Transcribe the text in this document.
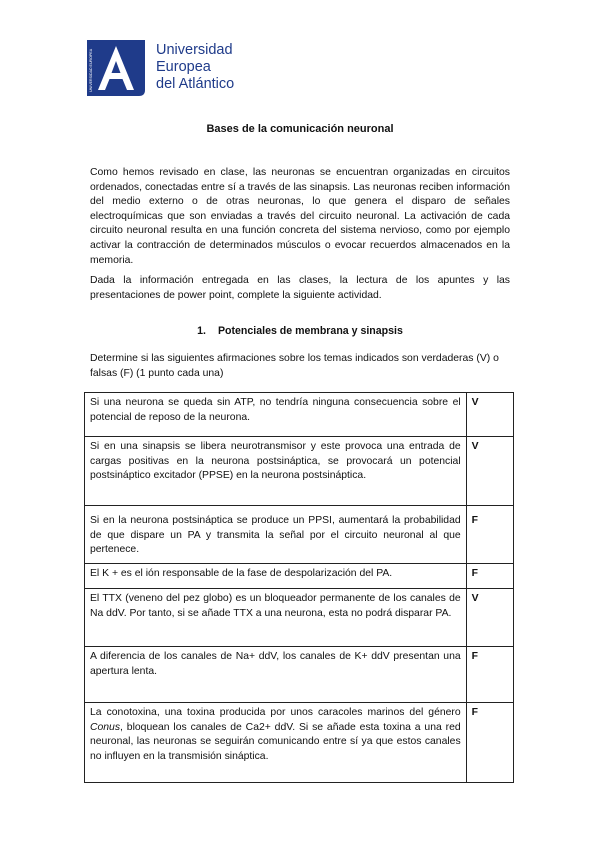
UNIVERSIDAD EUROPEA	Universidad
Europea
del Atlántico
Bases de la comunicación neuronal
Como hemos revisado en clase, las neuronas se encuentran organizadas en circuitos ordenados, conectadas entre sí a través de las sinapsis. Las neuronas reciben información del medio externo o de otras neuronas, lo que genera el disparo de señales electroquímicas que son enviadas a través del circuito neuronal. La activación de cada circuito neuronal resulta en una función concreta del sistema nervioso, como por ejemplo activar la contracción de determinados músculos o evocar recuerdos almacenados en la memoria.
Dada la información entregada en las clases, la lectura de los apuntes y las presentaciones de power point, complete la siguiente actividad.
1. Potenciales de membrana y sinapsis
Determine si las siguientes afirmaciones sobre los temas indicados son verdaderas (V) o falsas (F) (1 punto cada una)
Si una neurona se queda sin ATP, no tendría ninguna consecuencia sobre el potencial de reposo de la neurona.	V
Si en una sinapsis se libera neurotransmisor y este provoca una entrada de cargas positivas en la neurona postsináptica, se provocará un potencial postsináptico excitador (PPSE) en la neurona postsináptica.	V
Si en la neurona postsináptica se produce un PPSI, aumentará la probabilidad de que dispare un PA y transmita la señal por el circuito neuronal al que pertenece.	F
El K + es el ión responsable de la fase de despolarización del PA.	F
El TTX (veneno del pez globo) es un bloqueador permanente de los canales de Na ddV. Por tanto, si se añade TTX a una neurona, esta no podrá disparar PA.	V
A diferencia de los canales de Na+ ddV, los canales de K+ ddV presentan una apertura lenta.	F
La conotoxina, una toxina producida por unos caracoles marinos del género Conus, bloquean los canales de Ca2+ ddV. Si se añade esta toxina a una red neuronal, las neuronas se seguirán comunicando entre sí ya que estos canales no influyen en la transmisión sináptica.	F
